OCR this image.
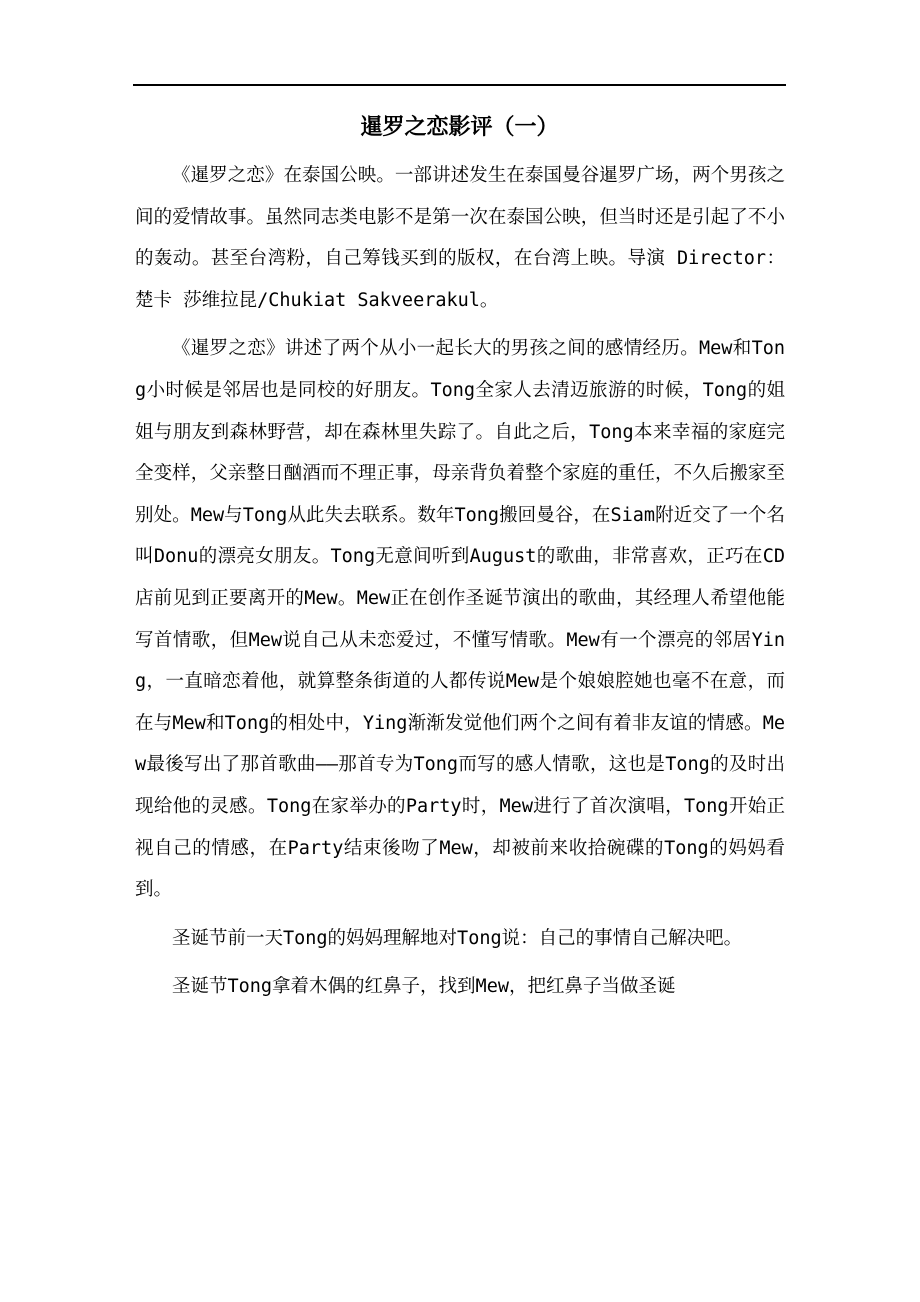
暹罗之恋影评（一）

《暹罗之恋》在泰国公映。一部讲述发生在泰国曼谷暹罗广场，两个男孩之间的爱情故事。虽然同志类电影不是第一次在泰国公映，但当时还是引起了不小的轰动。甚至台湾粉，自己筹钱买到的版权，在台湾上映。导演 Director：楚卡 莎维拉昆/Chukiat Sakveerakul。

《暹罗之恋》讲述了两个从小一起长大的男孩之间的感情经历。Mew和Tong小时候是邻居也是同校的好朋友。Tong全家人去清迈旅游的时候，Tong的姐姐与朋友到森林野营，却在森林里失踪了。自此之后，Tong本来幸福的家庭完全变样，父亲整日酗酒而不理正事，母亲背负着整个家庭的重任，不久后搬家至别处。Mew与Tong从此失去联系。数年Tong搬回曼谷，在Siam附近交了一个名叫Donu的漂亮女朋友。Tong无意间听到August的歌曲，非常喜欢，正巧在CD店前见到正要离开的Mew。Mew正在创作圣诞节演出的歌曲，其经理人希望他能写首情歌，但Mew说自己从未恋爱过，不懂写情歌。Mew有一个漂亮的邻居Ying，一直暗恋着他，就算整条街道的人都传说Mew是个娘娘腔她也毫不在意，而在与Mew和Tong的相处中，Ying渐渐发觉他们两个之间有着非友谊的情感。Mew最後写出了那首歌曲——那首专为Tong而写的感人情歌，这也是Tong的及时出现给他的灵感。Tong在家举办的Party时，Mew进行了首次演唱，Tong开始正视自己的情感，在Party结束後吻了Mew，却被前来收拾碗碟的Tong的妈妈看到。

圣诞节前一天Tong的妈妈理解地对Tong说：自己的事情自己解决吧。

圣诞节Tong拿着木偶的红鼻子，找到Mew，把红鼻子当做圣诞
